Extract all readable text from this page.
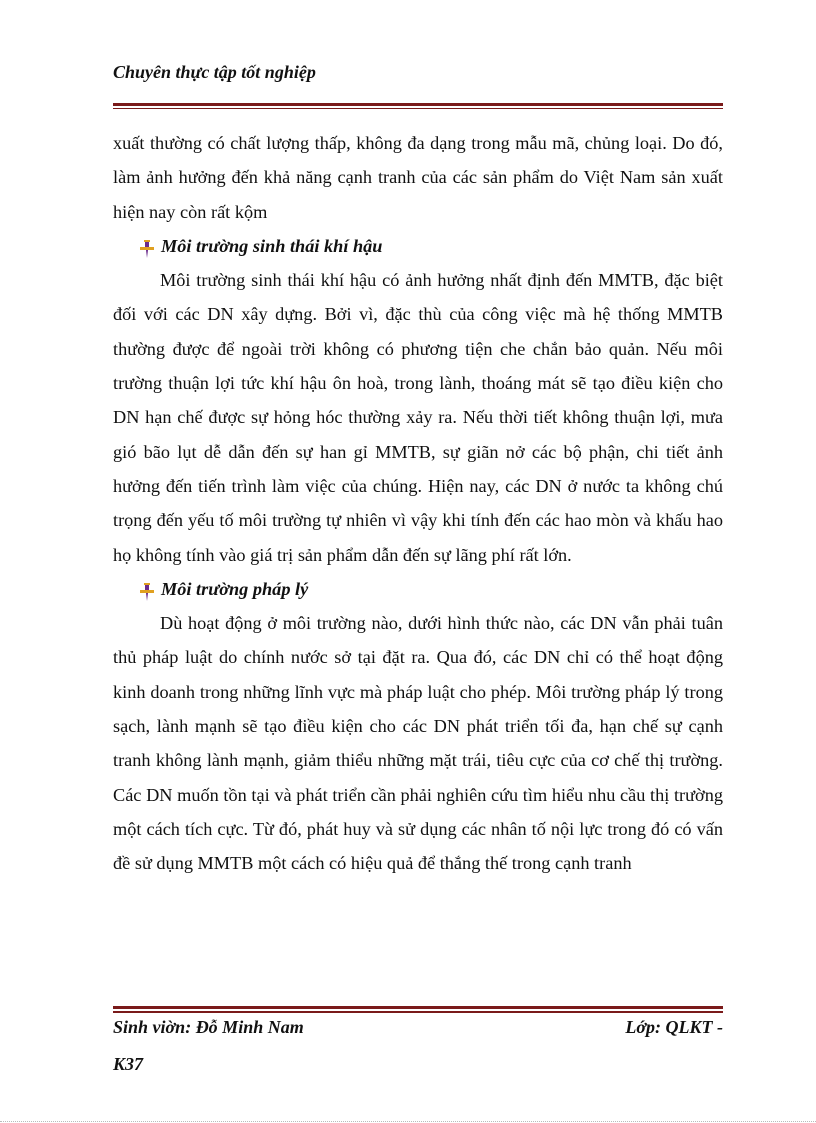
Chuyên thực tập tốt nghiệp

xuất thường có chất lượng thấp, không đa dạng trong mẫu mã, chủng loại. Do đó, làm ảnh hưởng đến khả năng cạnh tranh của các sản phẩm do Việt Nam sản xuất hiện nay còn rất kộm

Môi trường sinh thái khí hậu

Môi trường sinh thái khí hậu có ảnh hưởng nhất định đến MMTB, đặc biệt đối với các DN xây dựng. Bởi vì, đặc thù của công việc mà hệ thống MMTB thường được để ngoài trời không có phương tiện che chắn bảo quản. Nếu môi trường thuận lợi tức khí hậu ôn hoà, trong lành, thoáng mát sẽ tạo điều kiện cho DN hạn chế được sự hỏng hóc thường xảy ra. Nếu thời tiết không thuận lợi, mưa gió bão lụt dễ dẫn đến sự han gỉ MMTB, sự giãn nở các bộ phận, chi tiết ảnh hưởng đến tiến trình làm việc của chúng. Hiện nay, các DN ở nước ta không chú trọng đến yếu tố môi trường tự nhiên vì vậy khi tính đến các hao mòn và khấu hao họ không tính vào giá trị sản phẩm dẫn đến sự lãng phí rất lớn.

Môi trường pháp lý

Dù hoạt động ở môi trường nào, dưới hình thức nào, các DN vẫn phải tuân thủ pháp luật do chính nước sở tại đặt ra. Qua đó, các DN chỉ có thể hoạt động kinh doanh trong những lĩnh vực mà pháp luật cho phép. Môi trường pháp lý trong sạch, lành mạnh sẽ tạo điều kiện cho các DN phát triển tối đa, hạn chế sự cạnh tranh không lành mạnh, giảm thiểu những mặt trái, tiêu cực của cơ chế thị trường. Các DN muốn tồn tại và phát triển cần phải nghiên cứu tìm hiểu nhu cầu thị trường một cách tích cực. Từ đó, phát huy và sử dụng các nhân tố nội lực trong đó có vấn đề sử dụng MMTB một cách có hiệu quả để thắng thế trong cạnh tranh

Sinh viờn: Đỗ Minh Nam	Lớp: QLKT -
K37
